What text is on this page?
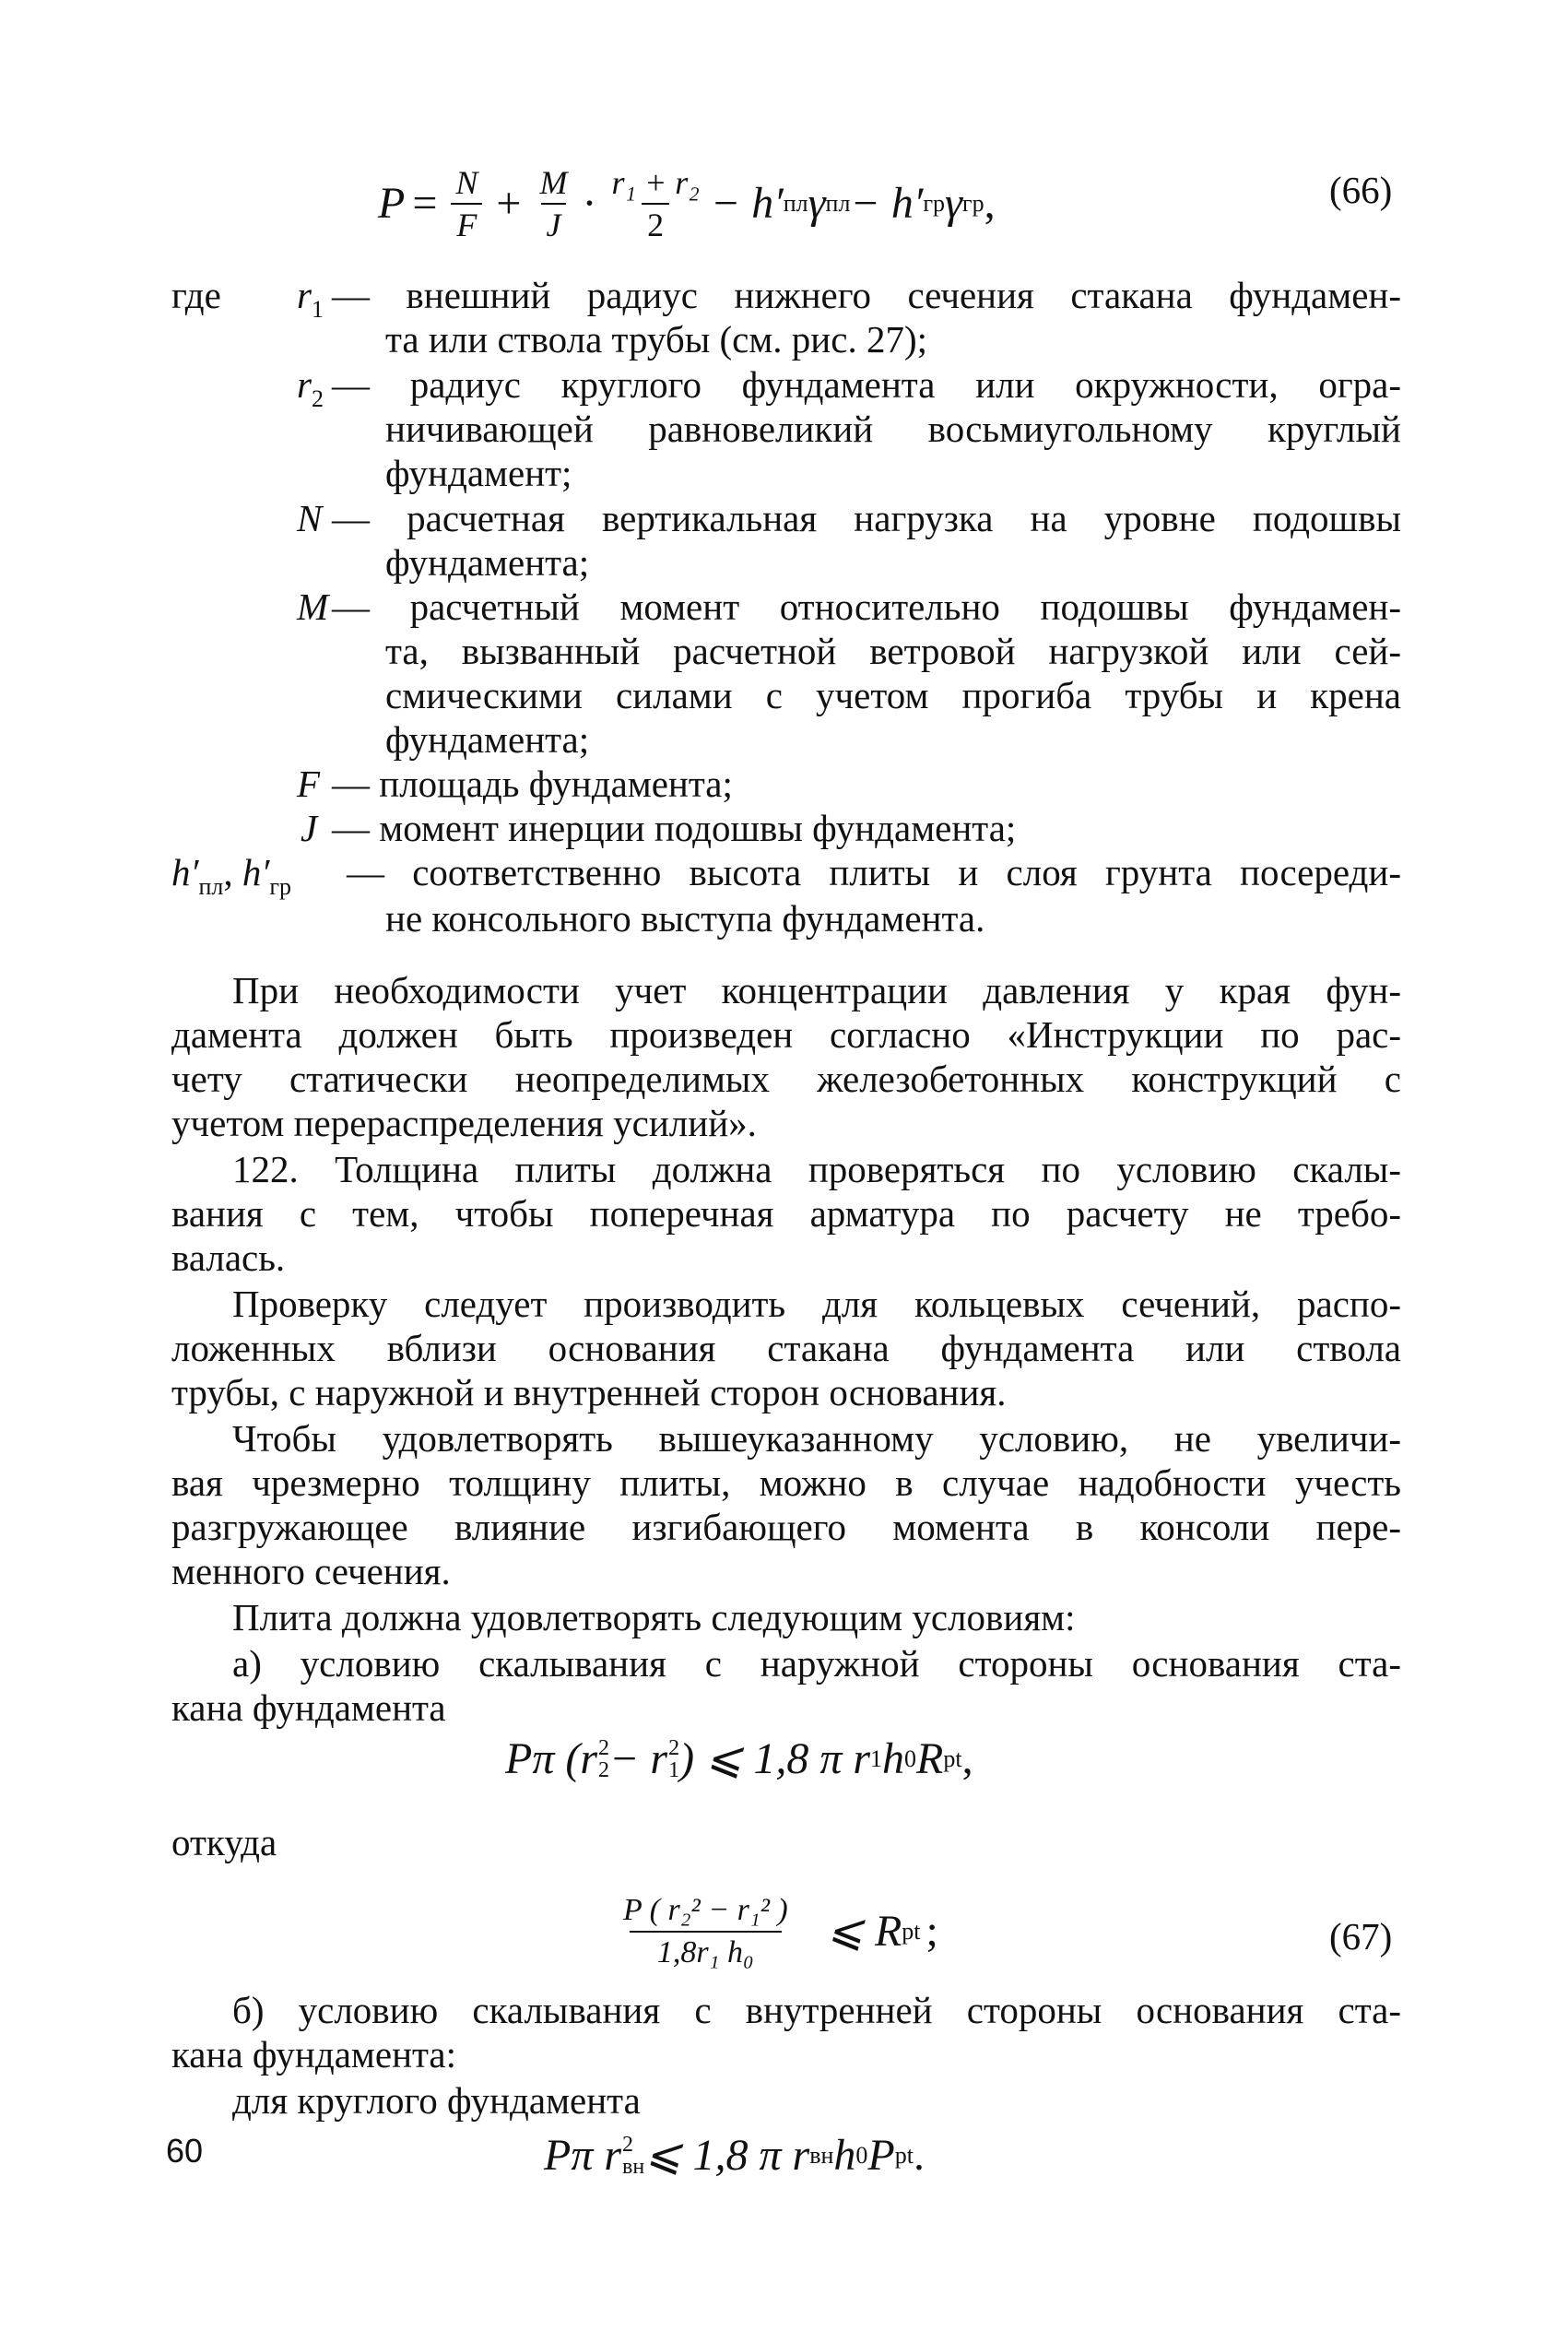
$P = \frac{N}{F} + \frac{M}{J} \cdot \frac{\text{r₁ + r₂}}{2} - h'$ пл γ пл − h′ гр γ гр ,	(66)
где $r_1$ — внешний радиус нижнего сечения стакана фундамен-
та или ствола трубы (см. рис. 27);
$r_2$ — радиус круглого фундамента или окружности, огра-
ничивающей равновеликий восьмиугольному круглый
фундамент;
N — расчетная вертикальная нагрузка на уровне подошвы
фундамента;
M — расчетный момент относительно подошвы фундамен-
та, вызванный расчетной ветровой нагрузкой или сей-
смическими силами с учетом прогиба трубы и крена
фундамента;
F — площадь фундамента;
J — момент инерции подошвы фундамента;
$h'_{пл}$, $h'_{гр}$ — соответственно высота плиты и слоя грунта посереди-
не консольного выступа фундамента.
При необходимости учет концентрации давления у края фун-
дамента должен быть произведен согласно «Инструкции по рас-
чету статически неопределимых железобетонных конструкций с
учетом перераспределения усилий».
122. Толщина плиты должна проверяться по условию скалы-
вания с тем, чтобы поперечная арматура по расчету не требо-
валась.
Проверку следует производить для кольцевых сечений, распо-
ложенных вблизи основания стакана фундамента или ствола
трубы, с наружной и внутренней сторон основания.
Чтобы удовлетворять вышеуказанному условию, не увеличи-
вая чрезмерно толщину плиты, можно в случае надобности учесть
разгружающее влияние изгибающего момента в консоли пере-
менного сечения.
Плита должна удовлетворять следующим условиям:
а) условию скалывания с наружной стороны основания ста-
кана фундамента
Pπ (r 2
2 − r 2
1 ) ⩽ 1,8 π r 1 h 0 R pt ,
откуда
$\frac{\text{P ( r₂² − r₁² )}}{\text{1,8r₁ h₀}}$ ⩽ R pt ;	(67)
б) условию скалывания с внутренней стороны основания ста-
кана фундамента:
для круглого фундамента
Pπ r 2
вн ⩽ 1,8 π r вн h 0 P pt .
60
